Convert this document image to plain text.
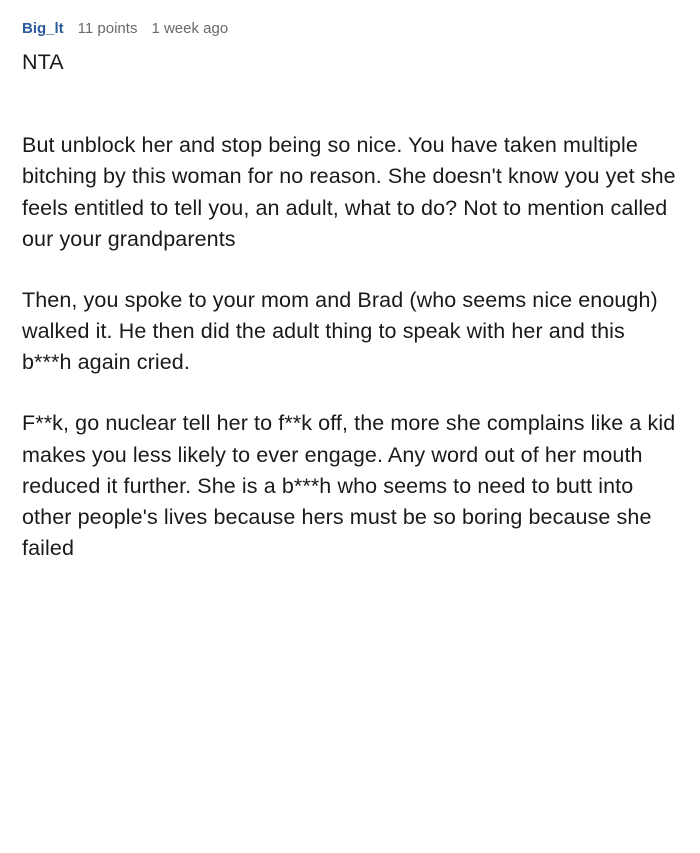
Big_lt 11 points 1 week ago

NTA

But unblock her and stop being so nice. You have taken multiple bitching by this woman for no reason. She doesn't know you yet she feels entitled to tell you, an adult, what to do? Not to mention called our your grandparents

Then, you spoke to your mom and Brad (who seems nice enough) walked it. He then did the adult thing to speak with her and this b***h again cried.

F**k, go nuclear tell her to f**k off, the more she complains like a kid makes you less likely to ever engage. Any word out of her mouth reduced it further. She is a b***h who seems to need to butt into other people's lives because hers must be so boring because she failed
